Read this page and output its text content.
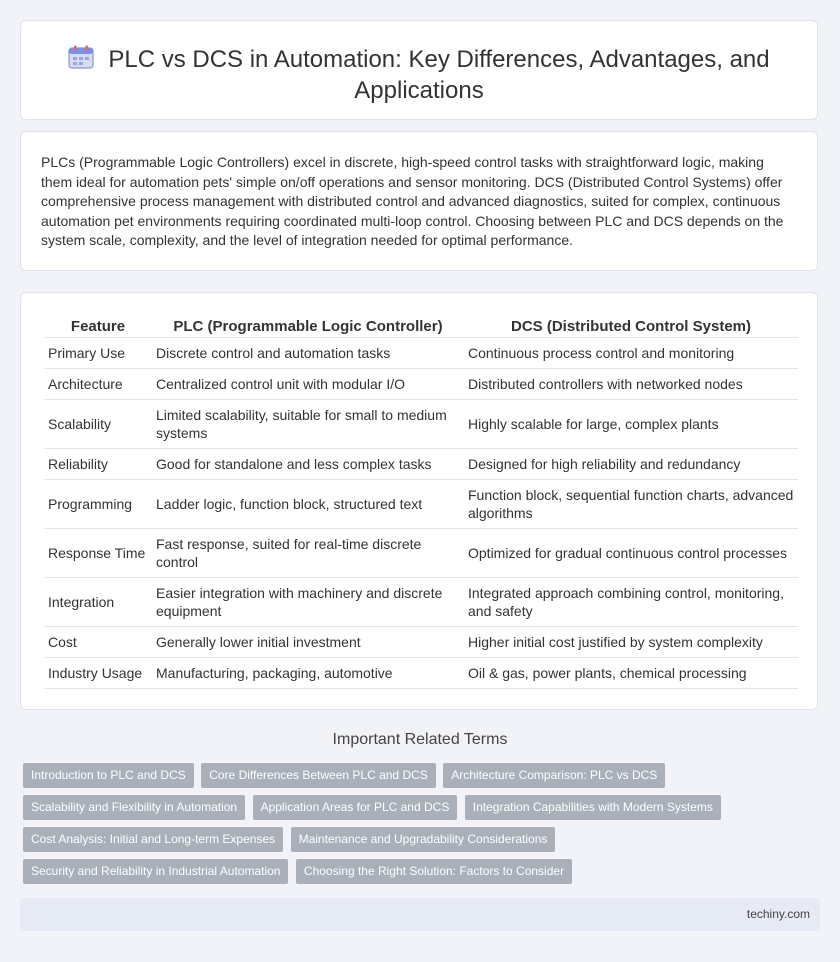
PLC vs DCS in Automation: Key Differences, Advantages, and Applications
PLCs (Programmable Logic Controllers) excel in discrete, high-speed control tasks with straightforward logic, making them ideal for automation pets' simple on/off operations and sensor monitoring. DCS (Distributed Control Systems) offer comprehensive process management with distributed control and advanced diagnostics, suited for complex, continuous automation pet environments requiring coordinated multi-loop control. Choosing between PLC and DCS depends on the system scale, complexity, and the level of integration needed for optimal performance.
Feature	PLC (Programmable Logic Controller)	DCS (Distributed Control System)
Primary Use	Discrete control and automation tasks	Continuous process control and monitoring
Architecture	Centralized control unit with modular I/O	Distributed controllers with networked nodes
Scalability	Limited scalability, suitable for small to medium systems	Highly scalable for large, complex plants
Reliability	Good for standalone and less complex tasks	Designed for high reliability and redundancy
Programming	Ladder logic, function block, structured text	Function block, sequential function charts, advanced algorithms
Response Time	Fast response, suited for real-time discrete control	Optimized for gradual continuous control processes
Integration	Easier integration with machinery and discrete equipment	Integrated approach combining control, monitoring, and safety
Cost	Generally lower initial investment	Higher initial cost justified by system complexity
Industry Usage	Manufacturing, packaging, automotive	Oil & gas, power plants, chemical processing
Important Related Terms
Introduction to PLC and DCS Core Differences Between PLC and DCS Architecture Comparison: PLC vs DCS
Scalability and Flexibility in Automation Application Areas for PLC and DCS Integration Capabilities with Modern Systems
Cost Analysis: Initial and Long-term Expenses Maintenance and Upgradability Considerations
Security and Reliability in Industrial Automation Choosing the Right Solution: Factors to Consider
techiny.com
